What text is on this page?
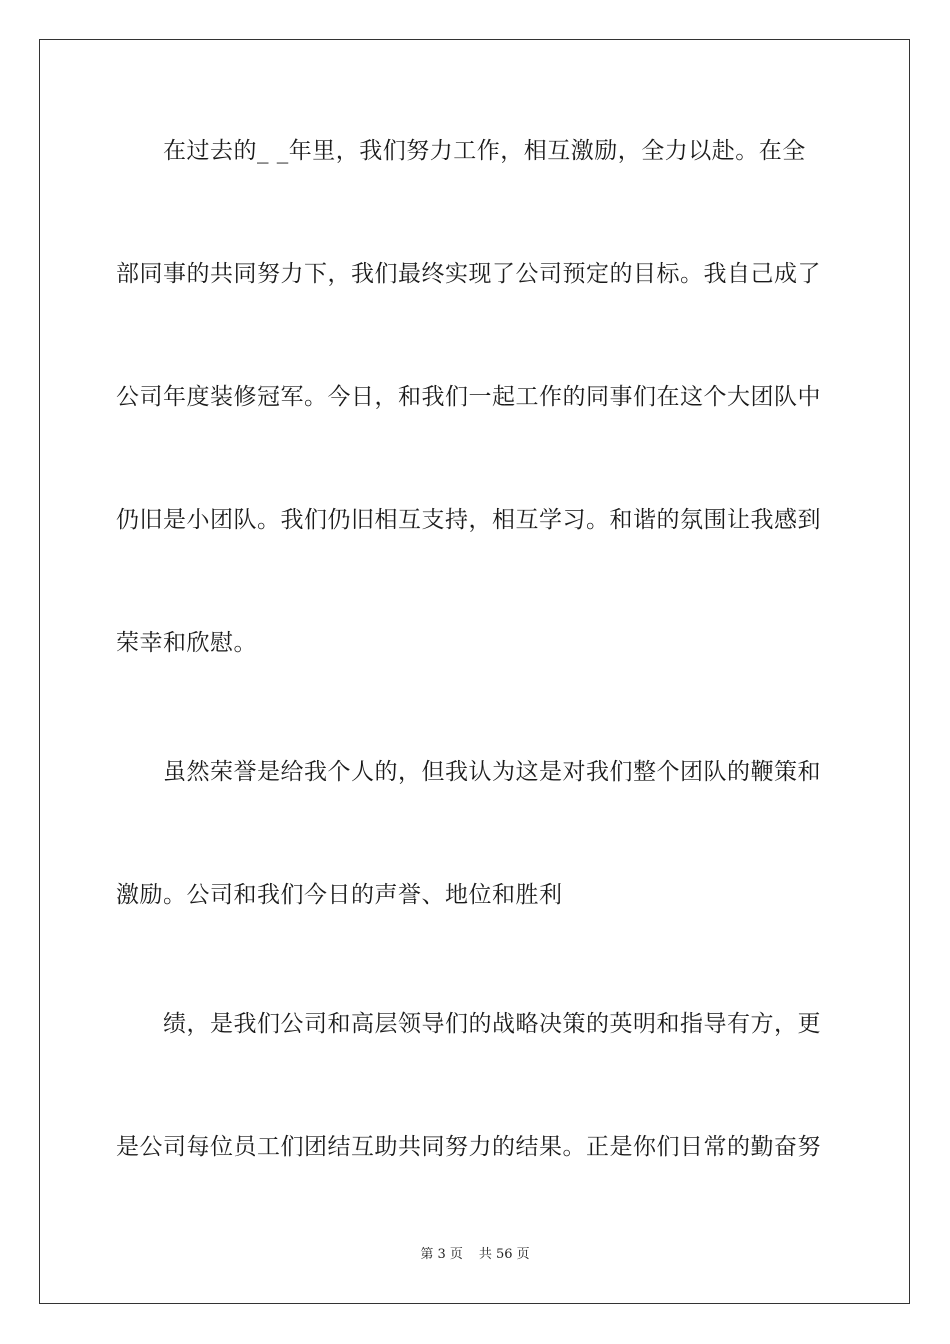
　　在过去的_ _年里，我们努力工作，相互激励，全力以赴。在全
部同事的共同努力下，我们最终实现了公司预定的目标。我自己成了
公司年度装修冠军。今日，和我们一起工作的同事们在这个大团队中
仍旧是小团队。我们仍旧相互支持，相互学习。和谐的氛围让我感到
荣幸和欣慰。
　　虽然荣誉是给我个人的，但我认为这是对我们整个团队的鞭策和
激励。公司和我们今日的声誉、地位和胜利
　　绩，是我们公司和高层领导们的战略决策的英明和指导有方，更
是公司每位员工们团结互助共同努力的结果。正是你们日常的勤奋努
第 3 页 共 56 页
